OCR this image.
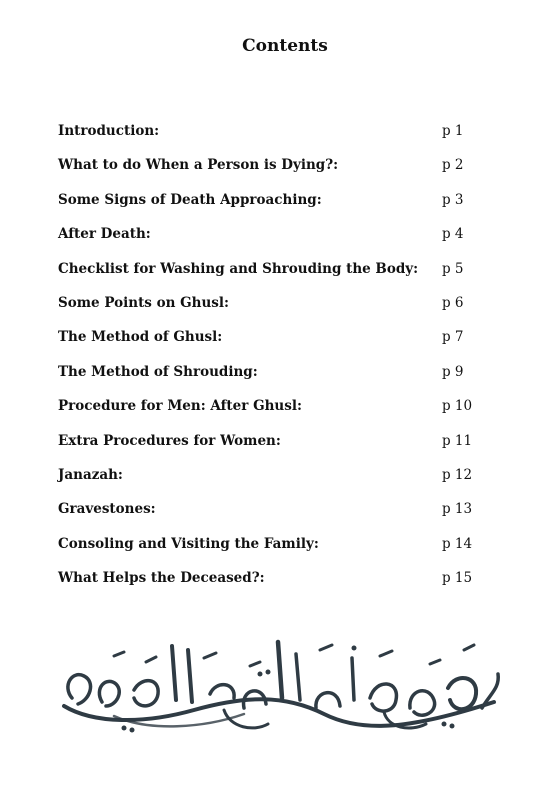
Contents
Introduction:	p 1
What to do When a Person is Dying?:	p 2
Some Signs of Death Approaching:	p 3
After Death:	p 4
Checklist for Washing and Shrouding the Body: p 5
Some Points on Ghusl:	p 6
The Method of Ghusl:	p 7
The Method of Shrouding:	p 9
Procedure for Men: After Ghusl:	p 10
Extra Procedures for Women:	p 11
Janazah:	p 12
Gravestones:	p 13
Consoling and Visiting the Family:	p 14
What Helps the Deceased?:	p 15
